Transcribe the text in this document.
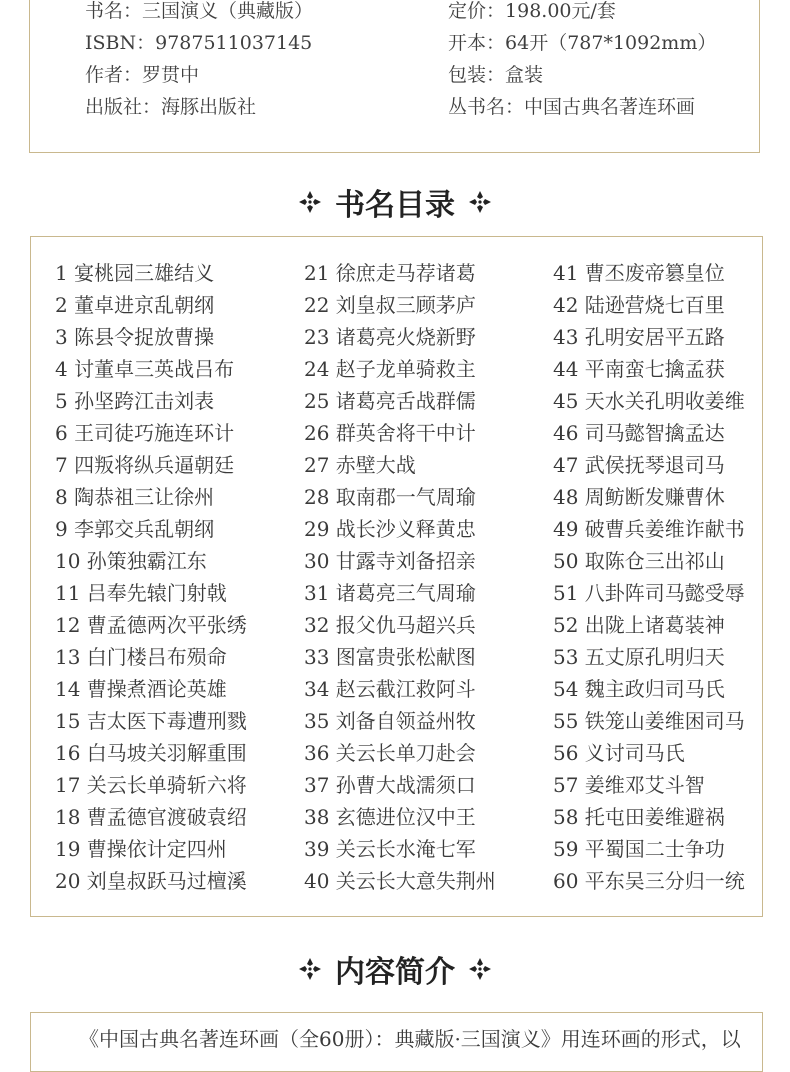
书名：三国演义（典藏版）
ISBN：9787511037145
作者：罗贯中
出版社：海豚出版社
定价：198.00元/套
开本：64开（787*1092mm）
包装：盒装
丛书名：中国古典名著连环画
书名目录
1 宴桃园三雄结义
2 董卓进京乱朝纲
3 陈县令捉放曹操
4 讨董卓三英战吕布
5 孙坚跨江击刘表
6 王司徒巧施连环计
7 四叛将纵兵逼朝廷
8 陶恭祖三让徐州
9 李郭交兵乱朝纲
10 孙策独霸江东
11 吕奉先辕门射戟
12 曹孟德两次平张绣
13 白门楼吕布殒命
14 曹操煮酒论英雄
15 吉太医下毒遭刑戮
16 白马坡关羽解重围
17 关云长单骑斩六将
18 曹孟德官渡破袁绍
19 曹操依计定四州
20 刘皇叔跃马过檀溪
21 徐庶走马荐诸葛
22 刘皇叔三顾茅庐
23 诸葛亮火烧新野
24 赵子龙单骑救主
25 诸葛亮舌战群儒
26 群英舍将干中计
27 赤壁大战
28 取南郡一气周瑜
29 战长沙义释黄忠
30 甘露寺刘备招亲
31 诸葛亮三气周瑜
32 报父仇马超兴兵
33 图富贵张松献图
34 赵云截江救阿斗
35 刘备自领益州牧
36 关云长单刀赴会
37 孙曹大战濡须口
38 玄德进位汉中王
39 关云长水淹七军
40 关云长大意失荆州
41 曹丕废帝篡皇位
42 陆逊营烧七百里
43 孔明安居平五路
44 平南蛮七擒孟获
45 天水关孔明收姜维
46 司马懿智擒孟达
47 武侯抚琴退司马
48 周鲂断发赚曹休
49 破曹兵姜维诈献书
50 取陈仓三出祁山
51 八卦阵司马懿受辱
52 出陇上诸葛装神
53 五丈原孔明归天
54 魏主政归司马氏
55 铁笼山姜维困司马
56 义讨司马氏
57 姜维邓艾斗智
58 托屯田姜维避祸
59 平蜀国二士争功
60 平东吴三分归一统
内容简介
《中国古典名著连环画（全60册）：典藏版·三国演义》用连环画的形式，以
